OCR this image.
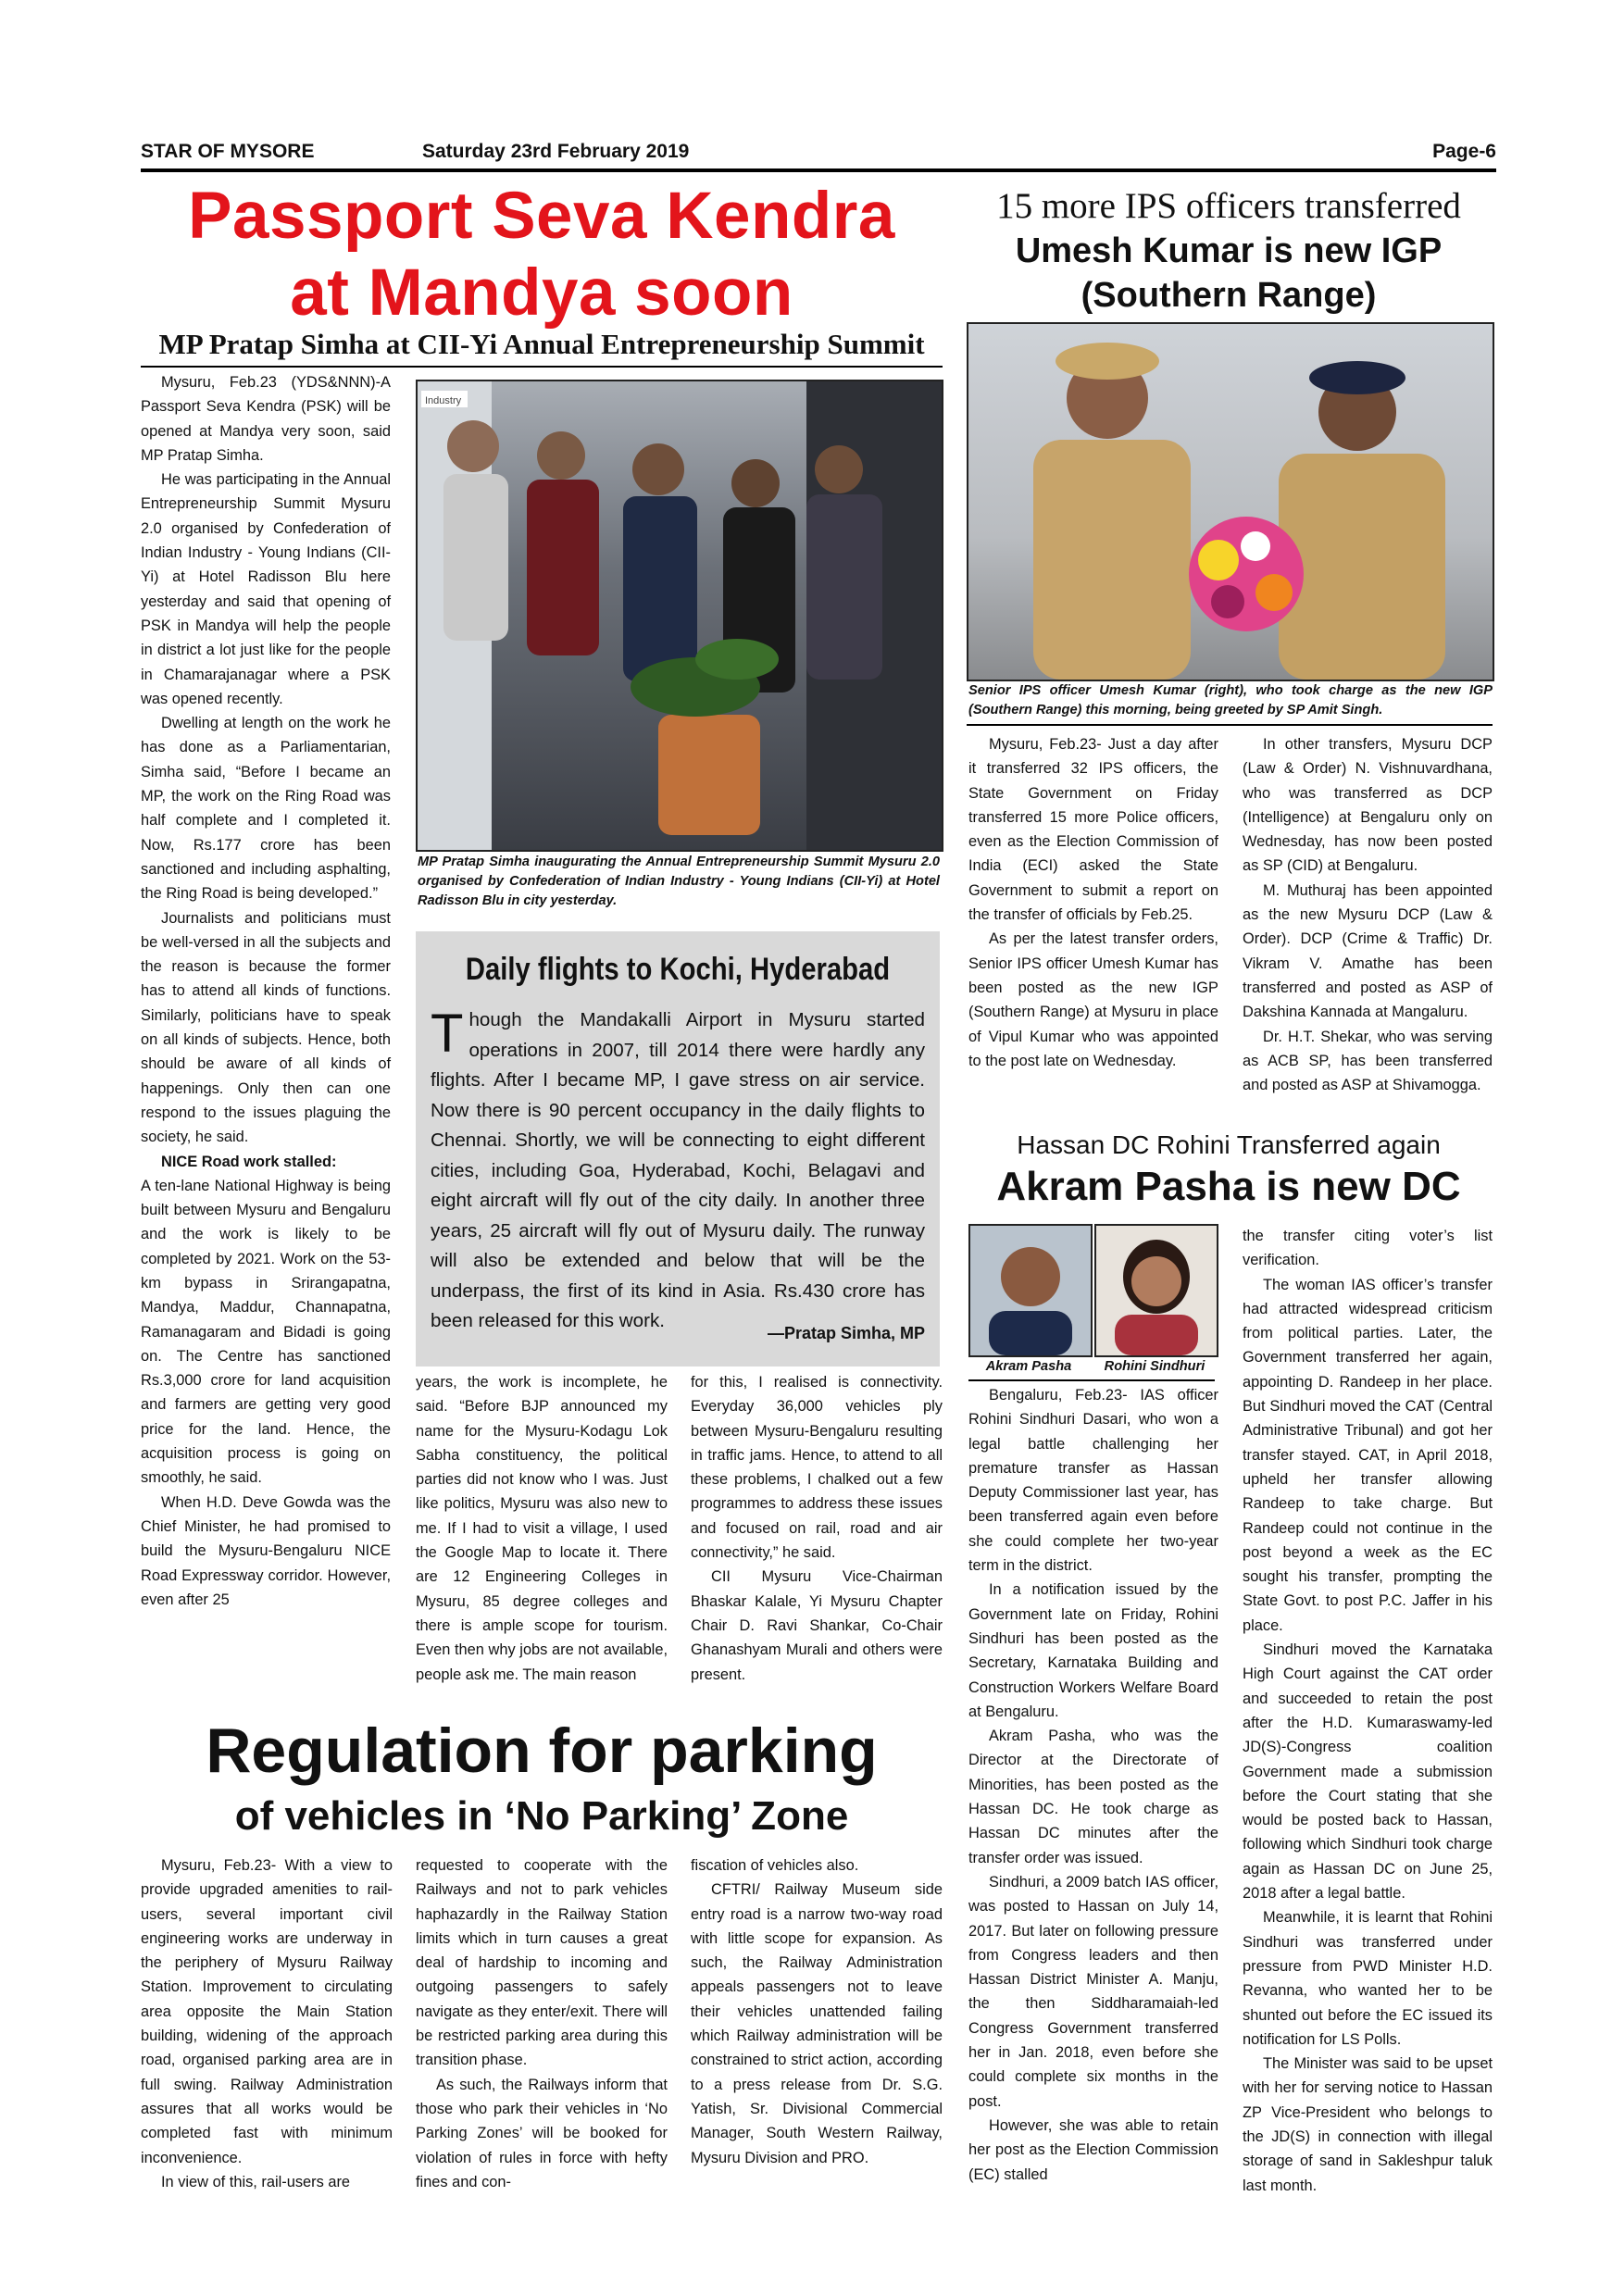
STAR OF MYSORE	Saturday 23rd February 2019	Page-6
Passport Seva Kendra
at Mandya soon
MP Pratap Simha at CII-Yi Annual Entrepreneurship Summit

Mysuru, Feb.23 (YDS&NNN)-A Passport Seva Kendra (PSK) will be opened at Mandya very soon, said MP Pratap Simha.

He was participating in the Annual Entrepreneurship Summit Mysuru 2.0 organised by Confederation of Indian Industry - Young Indians (CII-Yi) at Hotel Radisson Blu here yesterday and said that opening of PSK in Mandya will help the people in district a lot just like for the people in Chamarajanagar where a PSK was opened recently.

Dwelling at length on the work he has done as a Parliamentarian, Simha said, “Before I became an MP, the work on the Ring Road was half complete and I completed it. Now, Rs.177 crore has been sanctioned and including asphalting, the Ring Road is being developed.”

Journalists and politicians must be well-versed in all the subjects and the reason is because the former has to attend all kinds of functions. Similarly, politicians have to speak on all kinds of subjects. Hence, both should be aware of all kinds of happenings. Only then can one respond to the issues plaguing the society, he said.

NICE Road work stalled:

A ten-lane National Highway is being built between Mysuru and Bengaluru and the work is likely to be completed by 2021. Work on the 53-km bypass in Srirangapatna, Mandya, Maddur, Channapatna, Ramanagaram and Bidadi is going on. The Centre has sanctioned Rs.3,000 crore for land acquisition and farmers are getting very good price for the land. Hence, the acquisition process is going on smoothly, he said.

When H.D. Deve Gowda was the Chief Minister, he had promised to build the Mysuru-Bengaluru NICE Road Expressway corridor. However, even after 25

Industry
MP Pratap Simha inaugurating the Annual Entrepreneurship Summit Mysuru 2.0 organised by Confederation of Indian Industry - Young Indians (CII-Yi) at Hotel Radisson Blu in city yesterday.
Daily flights to Kochi, Hyderabad
Though the Mandakalli Airport in Mysuru started operations in 2007, till 2014 there were hardly any flights. After I became MP, I gave stress on air service. Now there is 90 percent occupancy in the daily flights to Chennai. Shortly, we will be connecting to eight different cities, including Goa, Hyderabad, Kochi, Belagavi and eight aircraft will fly out of the city daily. In another three years, 25 aircraft will fly out of Mysuru daily. The runway will also be extended and below that will be the underpass, the first of its kind in Asia. Rs.430 crore has been released for this work.
—Pratap Simha, MP

years, the work is incomplete, he said. “Before BJP announced my name for the Mysuru-Kodagu Lok Sabha constituency, the political parties did not know who I was. Just like politics, Mysuru was also new to me. If I had to visit a village, I used the Google Map to locate it. There are 12 Engineering Colleges in Mysuru, 85 degree colleges and there is ample scope for tourism. Even then why jobs are not available, people ask me. The main reason

for this, I realised is connectivity. Everyday 36,000 vehicles ply between Mysuru-Bengaluru resulting in traffic jams. Hence, to attend to all these problems, I chalked out a few programmes to address these issues and focused on rail, road and air connectivity,” he said.

CII Mysuru Vice-Chairman Bhaskar Kalale, Yi Mysuru Chapter Chair D. Ravi Shankar, Co-Chair Ghanashyam Murali and others were present.

Regulation for parking
of vehicles in ‘No Parking’ Zone

Mysuru, Feb.23- With a view to provide upgraded amenities to rail-users, several important civil engineering works are underway in the periphery of Mysuru Railway Station. Improvement to circulating area opposite the Main Station building, widening of the approach road, organised parking area are in full swing. Railway Administration assures that all works would be completed fast with minimum inconvenience.

In view of this, rail-users are

requested to cooperate with the Railways and not to park vehicles haphazardly in the Railway Station limits which in turn causes a great deal of hardship to incoming and outgoing passengers to safely navigate as they enter/exit. There will be restricted parking area during this transition phase.

As such, the Railways inform that those who park their vehicles in ‘No Parking Zones’ will be booked for violation of rules in force with hefty fines and con-

fiscation of vehicles also.

CFTRI/ Railway Museum side entry road is a narrow two-way road with little scope for expansion. As such, the Railway Administration appeals passengers not to leave their vehicles unattended failing which Railway administration will be constrained to strict action, according to a press release from Dr. S.G. Yatish, Sr. Divisional Commercial Manager, South Western Railway, Mysuru Division and PRO.

15 more IPS officers transferred
Umesh Kumar is new IGP
(Southern Range)
Senior IPS officer Umesh Kumar (right), who took charge as the new IGP (Southern Range) this morning, being greeted by SP Amit Singh.

Mysuru, Feb.23- Just a day after it transferred 32 IPS officers, the State Government on Friday transferred 15 more Police officers, even as the Election Commission of India (ECI) asked the State Government to submit a report on the transfer of officials by Feb.25.

As per the latest transfer orders, Senior IPS officer Umesh Kumar has been posted as the new IGP (Southern Range) at Mysuru in place of Vipul Kumar who was appointed to the post late on Wednesday.

In other transfers, Mysuru DCP (Law & Order) N. Vishnuvardhana, who was transferred as DCP (Intelligence) at Bengaluru only on Wednesday, has now been posted as SP (CID) at Bengaluru.

M. Muthuraj has been appointed as the new Mysuru DCP (Law & Order). DCP (Crime & Traffic) Dr. Vikram V. Amathe has been transferred and posted as ASP of Dakshina Kannada at Mangaluru.

Dr. H.T. Shekar, who was serving as ACB SP, has been transferred and posted as ASP at Shivamogga.

Hassan DC Rohini Transferred again
Akram Pasha is new DC
Akram Pasha	Rohini Sindhuri

Bengaluru, Feb.23- IAS officer Rohini Sindhuri Dasari, who won a legal battle challenging her premature transfer as Hassan Deputy Commissioner last year, has been transferred again even before she could complete her two-year term in the district.

In a notification issued by the Government late on Friday, Rohini Sindhuri has been posted as the Secretary, Karnataka Building and Construction Workers Welfare Board at Bengaluru.

Akram Pasha, who was the Director at the Directorate of Minorities, has been posted as the Hassan DC. He took charge as Hassan DC minutes after the transfer order was issued.

Sindhuri, a 2009 batch IAS officer, was posted to Hassan on July 14, 2017. But later on following pressure from Congress leaders and then Hassan District Minister A. Manju, the then Siddharamaiah-led Congress Government transferred her in Jan. 2018, even before she could complete six months in the post.

However, she was able to retain her post as the Election Commission (EC) stalled

the transfer citing voter’s list verification.

The woman IAS officer’s transfer had attracted widespread criticism from political parties. Later, the Government transferred her again, appointing D. Randeep in her place. But Sindhuri moved the CAT (Central Administrative Tribunal) and got her transfer stayed. CAT, in April 2018, upheld her transfer allowing Randeep to take charge. But Randeep could not continue in the post beyond a week as the EC sought his transfer, prompting the State Govt. to post P.C. Jaffer in his place.

Sindhuri moved the Karnataka High Court against the CAT order and succeeded to retain the post after the H.D. Kumaraswamy-led JD(S)-Congress coalition Government made a submission before the Court stating that she would be posted back to Hassan, following which Sindhuri took charge again as Hassan DC on June 25, 2018 after a legal battle.

Meanwhile, it is learnt that Rohini Sindhuri was transferred under pressure from PWD Minister H.D. Revanna, who wanted her to be shunted out before the EC issued its notification for LS Polls.

The Minister was said to be upset with her for serving notice to Hassan ZP Vice-President who belongs to the JD(S) in connection with illegal storage of sand in Sakleshpur taluk last month.
